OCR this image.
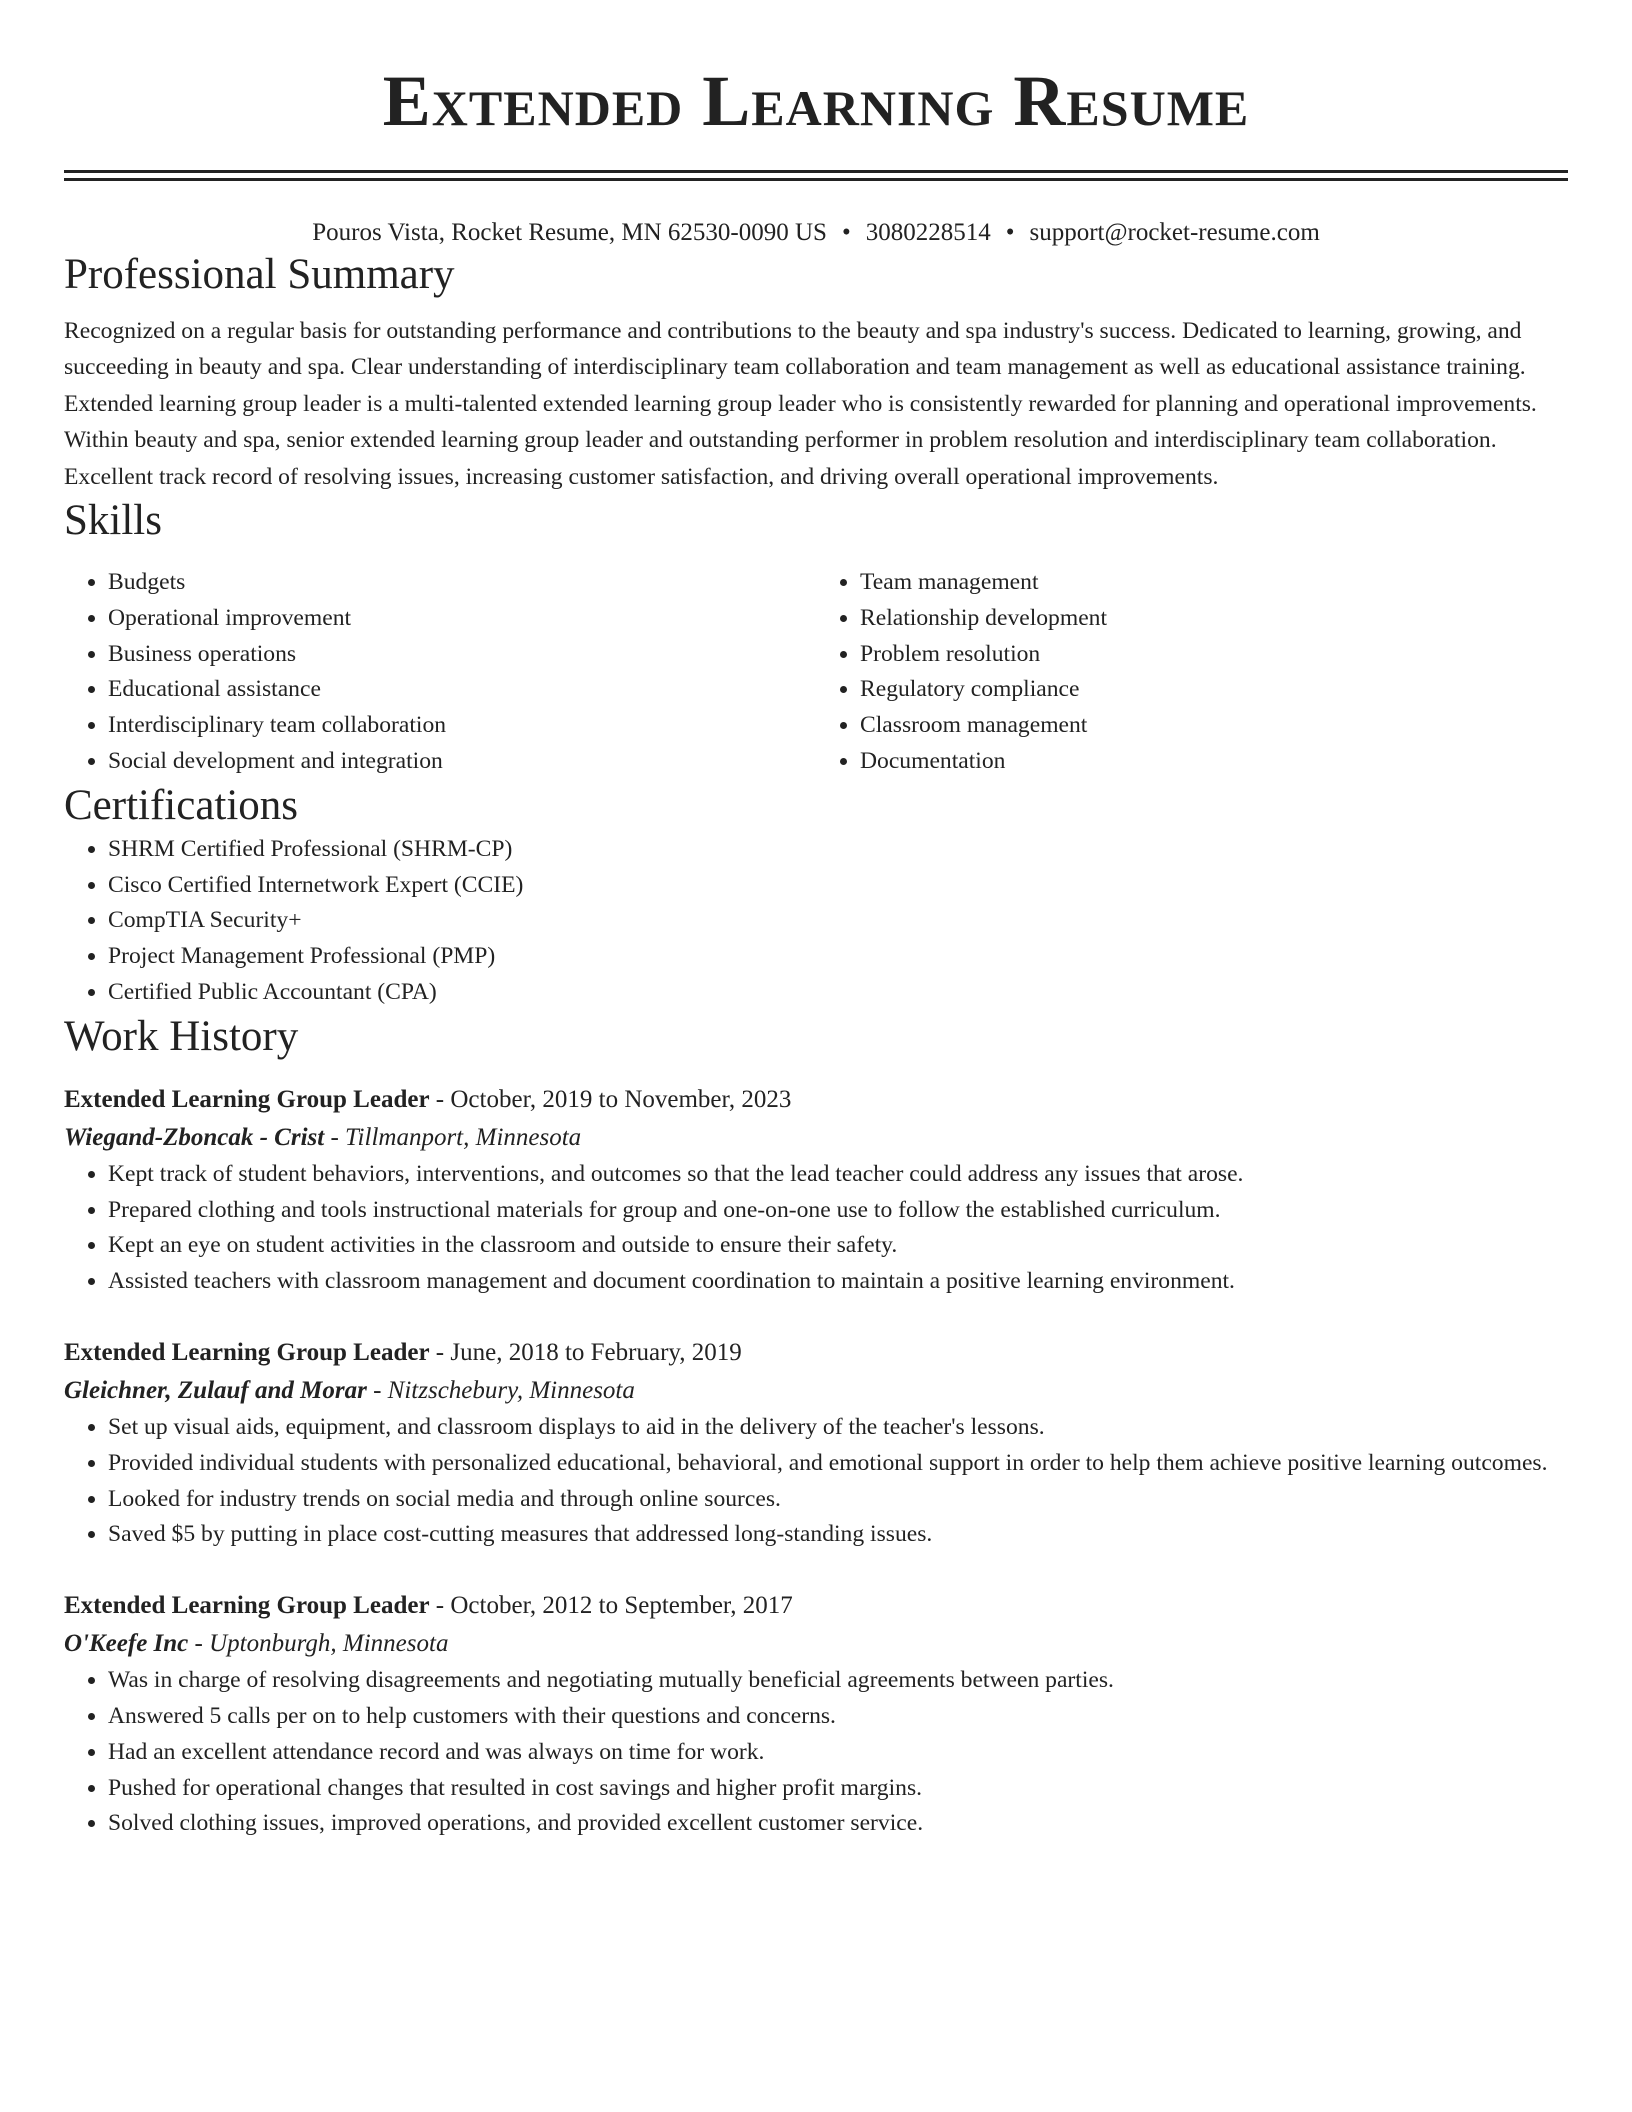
Extended Learning Resume
Pouros Vista, Rocket Resume, MN 62530-0090 US • 3080228514 • support@rocket-resume.com
Professional Summary

Recognized on a regular basis for outstanding performance and contributions to the beauty and spa industry's success. Dedicated to learning, growing, and succeeding in beauty and spa. Clear understanding of interdisciplinary team collaboration and team management as well as educational assistance training. Extended learning group leader is a multi-talented extended learning group leader who is consistently rewarded for planning and operational improvements. Within beauty and spa, senior extended learning group leader and outstanding performer in problem resolution and interdisciplinary team collaboration. Excellent track record of resolving issues, increasing customer satisfaction, and driving overall operational improvements.

Skills
• Budgets
• Operational improvement
• Business operations
• Educational assistance
• Interdisciplinary team collaboration
• Social development and integration
• Team management
• Relationship development
• Problem resolution
• Regulatory compliance
• Classroom management
• Documentation
Certifications
• SHRM Certified Professional (SHRM-CP)
• Cisco Certified Internetwork Expert (CCIE)
• CompTIA Security+
• Project Management Professional (PMP)
• Certified Public Accountant (CPA)
Work History
Extended Learning Group Leader - October, 2019 to November, 2023
Wiegand-Zboncak - Crist - Tillmanport, Minnesota
• Kept track of student behaviors, interventions, and outcomes so that the lead teacher could address any issues that arose.
• Prepared clothing and tools instructional materials for group and one-on-one use to follow the established curriculum.
• Kept an eye on student activities in the classroom and outside to ensure their safety.
• Assisted teachers with classroom management and document coordination to maintain a positive learning environment.
Extended Learning Group Leader - June, 2018 to February, 2019
Gleichner, Zulauf and Morar - Nitzschebury, Minnesota
• Set up visual aids, equipment, and classroom displays to aid in the delivery of the teacher's lessons.
• Provided individual students with personalized educational, behavioral, and emotional support in order to help them achieve positive learning outcomes.
• Looked for industry trends on social media and through online sources.
• Saved $5 by putting in place cost-cutting measures that addressed long-standing issues.
Extended Learning Group Leader - October, 2012 to September, 2017
O'Keefe Inc - Uptonburgh, Minnesota
• Was in charge of resolving disagreements and negotiating mutually beneficial agreements between parties.
• Answered 5 calls per on to help customers with their questions and concerns.
• Had an excellent attendance record and was always on time for work.
• Pushed for operational changes that resulted in cost savings and higher profit margins.
• Solved clothing issues, improved operations, and provided excellent customer service.
